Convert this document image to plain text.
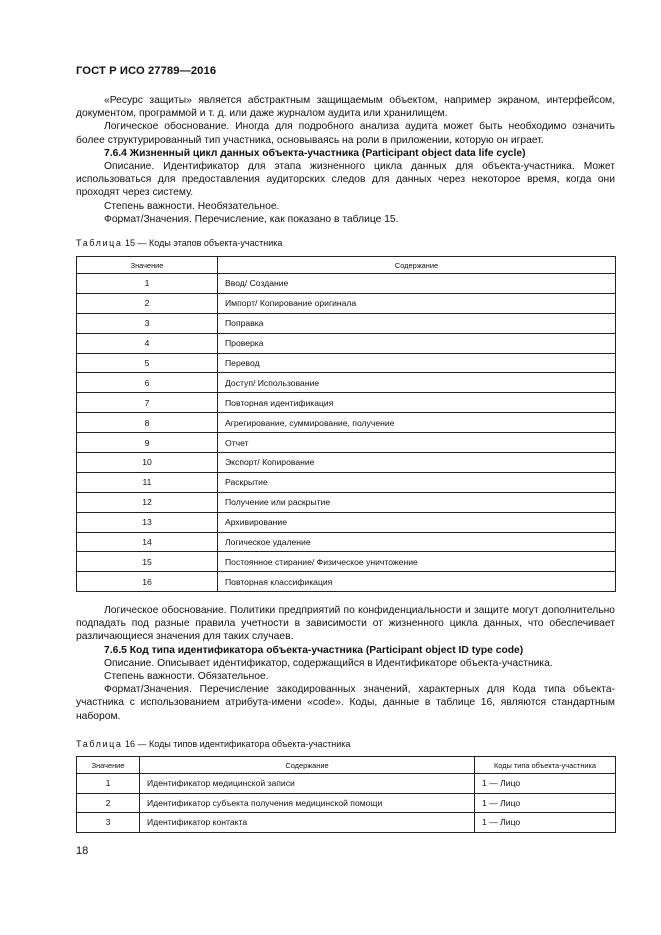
ГОСТ Р ИСО 27789—2016

«Ресурс защиты» является абстрактным защищаемым объектом, например экраном, интерфейсом, документом, программой и т. д. или даже журналом аудита или хранилищем.

Логическое обоснование. Иногда для подробного анализа аудита может быть необходимо означить более структурированный тип участника, основываясь на роли в приложении, которую он играет.

7.6.4 Жизненный цикл данных объекта-участника (Participant object data life cycle)

Описание. Идентификатор для этапа жизненного цикла данных для объекта-участника. Может использоваться для предоставления аудиторских следов для данных через некоторое время, когда они проходят через систему.

Степень важности. Необязательное.

Формат/Значения. Перечисление, как показано в таблице 15.

Таблица 15 — Коды этапов объекта-участника
Значение	Содержание
1	Ввод/ Создание
2	Импорт/ Копирование оригинала
3	Поправка
4	Проверка
5	Перевод
6	Доступ/ Использование
7	Повторная идентификация
8	Агрегирование, суммирование, получение
9	Отчет
10	Экспорт/ Копирование
11	Раскрытие
12	Получение или раскрытие
13	Архивирование
14	Логическое удаление
15	Постоянное стирание/ Физическое уничтожение
16	Повторная классификация

Логическое обоснование. Политики предприятий по конфиденциальности и защите могут дополнительно подпадать под разные правила учетности в зависимости от жизненного цикла данных, что обеспечивает различающиеся значения для таких случаев.

7.6.5 Код типа идентификатора объекта-участника (Participant object ID type code)

Описание. Описывает идентификатор, содержащийся в Идентификаторе объекта-участника.

Степень важности. Обязательное.

Формат/Значения. Перечисление закодированных значений, характерных для Кода типа объекта-участника с использованием атрибута-имени «code». Коды, данные в таблице 16, являются стандартным набором.

Таблица 16 — Коды типов идентификатора объекта-участника
Значение	Содержание	Коды типа объекта-участника
1	Идентификатор медицинской записи	1 — Лицо
2	Идентификатор субъекта получения медицинской помощи	1 — Лицо
3	Идентификатор контакта	1 — Лицо
18
